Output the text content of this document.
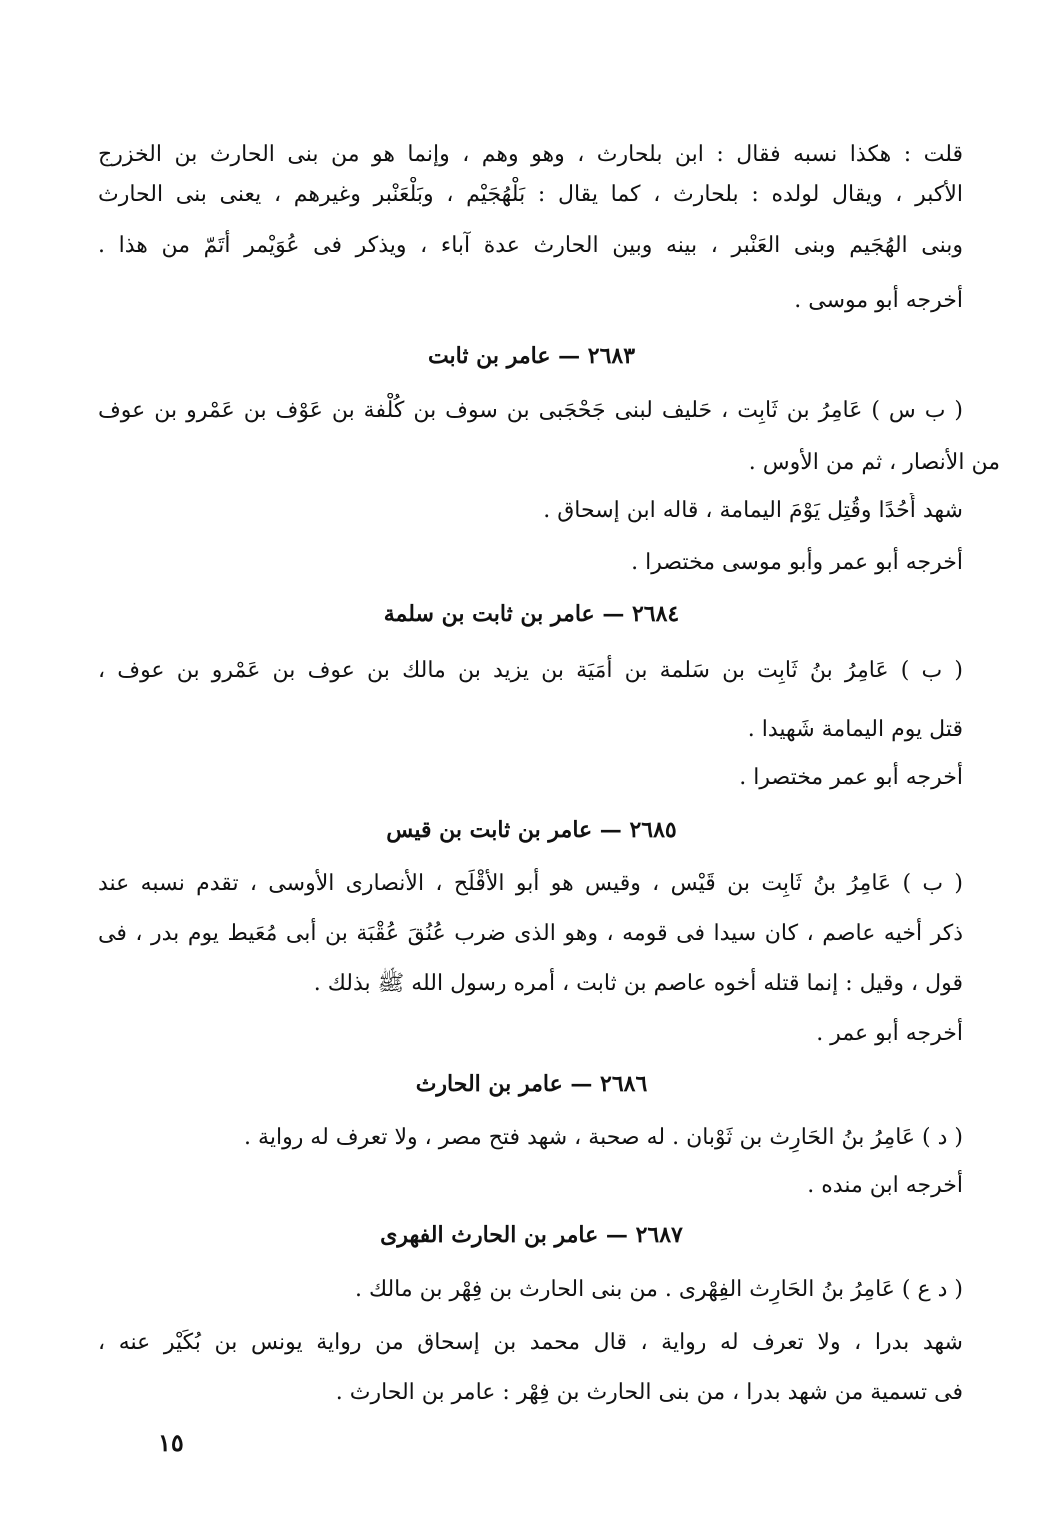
قلت : هكذا نسبه فقال : ابن بلحارث ، وهو وهم ، وإنما هو من بنى الحارث بن الخزرج
الأكبر ، ويقال لولده : بلحارث ، كما يقال : بَلْهُجَيْم ، وبَلْعَنْبر وغيرهم ، يعنى بنى الحارث
وبنى الهُجَيم وبنى العَنْبر ، بينه وبين الحارث عدة آباء ، ويذكر فى عُوَيْمر أتَمّ من هذا .
أخرجه أبو موسى .
٢٦٨٣ — عامر بن ثابت
( ب س ) عَامِرُ بن ثَابِت ، حَليف لبنى جَحْجَبى بن سوف بن كُلْفة بن عَوْف بن عَمْرو بن عوف
من الأنصار ، ثم من الأوس .
شهد أُحُدًا وقُتِل يَوْمَ اليمامة ، قاله ابن إسحاق .
أخرجه أبو عمر وأبو موسى مختصرا .
٢٦٨٤ — عامر بن ثابت بن سلمة
( ب ) عَامِرُ بنُ ثَابِت بن سَلمة بن أمَيَة بن يزيد بن مالك بن عوف بن عَمْرو بن عوف ،
قتل يوم اليمامة شَهيدا .
أخرجه أبو عمر مختصرا .
٢٦٨٥ — عامر بن ثابت بن قيس
( ب ) عَامِرُ بنُ ثَابِت بن قَيْس ، وقيس هو أبو الأقْلَح ، الأنصارى الأوسى ، تقدم نسبه عند
ذكر أخيه عاصم ، كان سيدا فى قومه ، وهو الذى ضرب عُنُقَ عُقْبَة بن أبى مُعَيط يوم بدر ، فى
قول ، وقيل : إنما قتله أخوه عاصم بن ثابت ، أمره رسول الله ﷺ بذلك .
أخرجه أبو عمر .
٢٦٨٦ — عامر بن الحارث
( د ) عَامِرُ بنُ الحَارِث بن ثَوْبان . له صحبة ، شهد فتح مصر ، ولا تعرف له رواية .
أخرجه ابن منده .
٢٦٨٧ — عامر بن الحارث الفهرى
( د ع ) عَامِرُ بنُ الحَارِث الفِهْرى . من بنى الحارث بن فِهْر بن مالك .
شهد بدرا ، ولا تعرف له رواية ، قال محمد بن إسحاق من رواية يونس بن بُكَيْر عنه ،
فى تسمية من شهد بدرا ، من بنى الحارث بن فِهْر : عامر بن الحارث .
١٥
